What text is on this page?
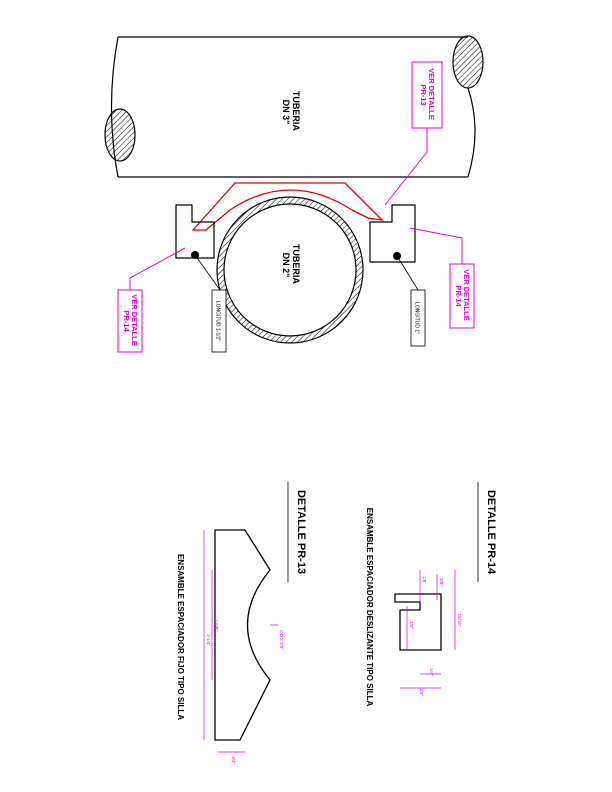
TUBERIA DN 3"
TUBERIA DN 2"
VER DETALLE PR-13
VER DETALLE PR-14
VER DETALLE PR-14	LONGITUD 1-1/2"	LONGITUD 1"
DETALLE PR-14
ENSAMBLE ESPACIADOR DESLIZANTE TIPO SILLA	15/16"
3/8"
1/8"
1/2"
1/4"
3/4"
DETALLE PR-13
ENSAMBLE ESPACIADOR FIJO TIPO SILLA	OD 2-7/8"
1-5/8"
2-1/4"
3/4"
